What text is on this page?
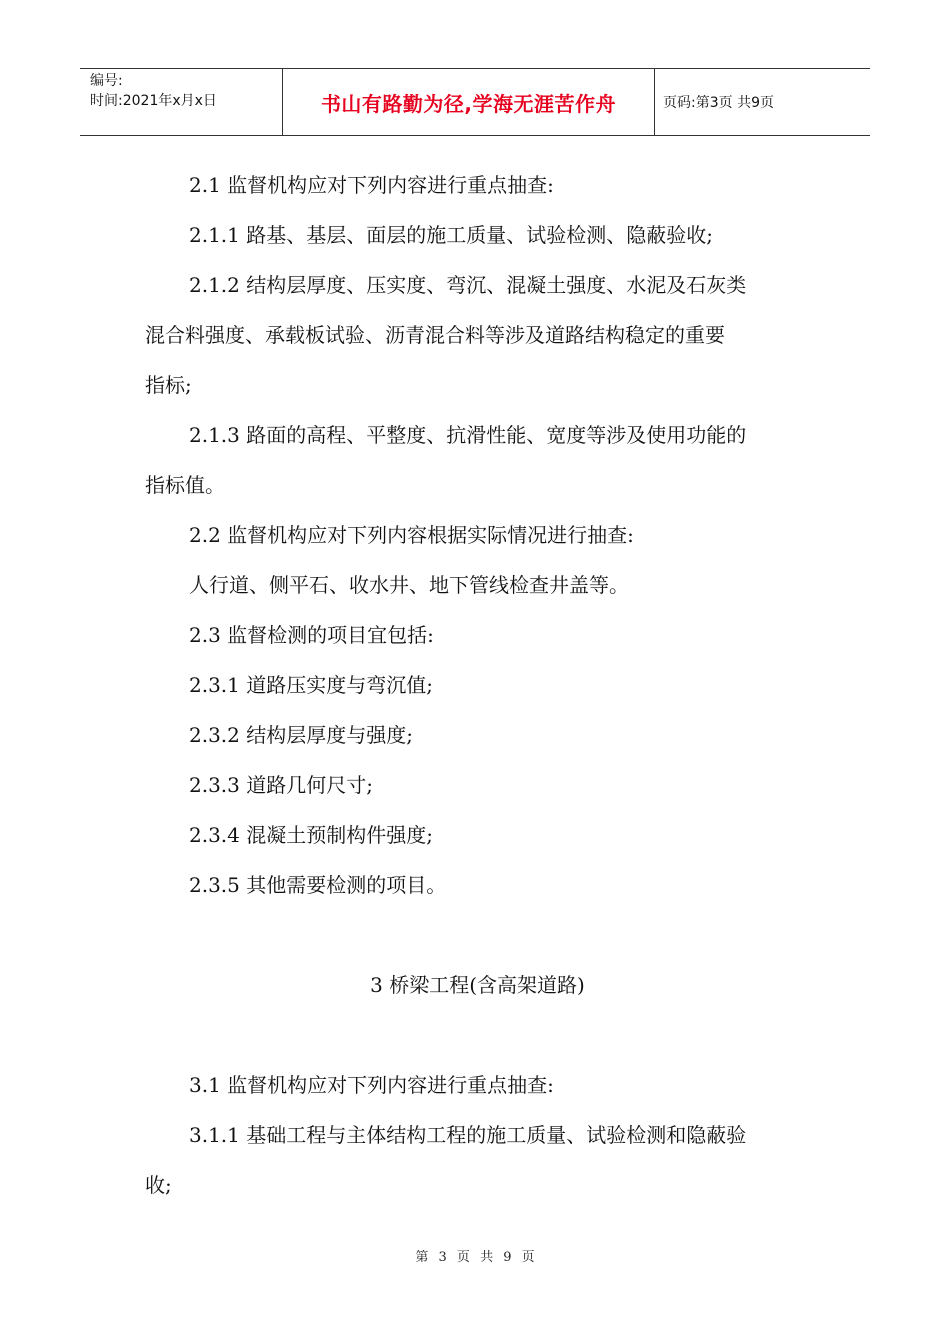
编号:
时间:2021年x月x日	书山有路勤为径,学海无涯苦作舟	页码:第3页 共9页
2.1 监督机构应对下列内容进行重点抽查:
2.1.1 路基、基层、面层的施工质量、试验检测、隐蔽验收;
2.1.2 结构层厚度、压实度、弯沉、混凝土强度、水泥及石灰类
混合料强度、承载板试验、沥青混合料等涉及道路结构稳定的重要
指标;
2.1.3 路面的高程、平整度、抗滑性能、宽度等涉及使用功能的
指标值。
2.2 监督机构应对下列内容根据实际情况进行抽查:
人行道、侧平石、收水井、地下管线检查井盖等。
2.3 监督检测的项目宜包括:
2.3.1 道路压实度与弯沉值;
2.3.2 结构层厚度与强度;
2.3.3 道路几何尺寸;
2.3.4 混凝土预制构件强度;
2.3.5 其他需要检测的项目。
3 桥梁工程(含高架道路)
3.1 监督机构应对下列内容进行重点抽查:
3.1.1 基础工程与主体结构工程的施工质量、试验检测和隐蔽验
收;
第 3 页 共 9 页
